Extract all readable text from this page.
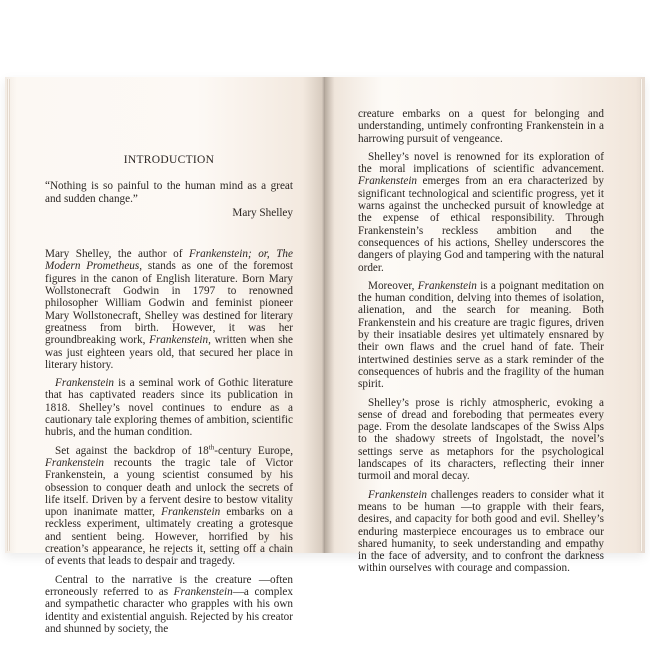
INTRODUCTION
“Nothing is so painful to the human mind as a great and sudden change.”
Mary Shelley

Mary Shelley, the author of Frankenstein; or, The Modern Prometheus, stands as one of the foremost figures in the canon of English literature. Born Mary Wollstonecraft Godwin in 1797 to renowned philosopher William Godwin and feminist pioneer Mary Wollstonecraft, Shelley was destined for literary greatness from birth. However, it was her groundbreaking work, Frankenstein, written when she was just eighteen years old, that secured her place in literary history.

Frankenstein is a seminal work of Gothic literature that has captivated readers since its publication in 1818. Shelley’s novel continues to endure as a cautionary tale exploring themes of ambition, scientific hubris, and the human condition.

Set against the backdrop of 18th-century Europe, Frankenstein recounts the tragic tale of Victor Frankenstein, a young scientist consumed by his obsession to conquer death and unlock the secrets of life itself. Driven by a fervent desire to bestow vitality upon inanimate matter, Frankenstein embarks on a reckless experiment, ultimately creating a grotesque and sentient being. However, horrified by his creation’s appearance, he rejects it, setting off a chain of events that leads to despair and tragedy.

Central to the narrative is the creature —often erroneously referred to as Frankenstein—a complex and sympathetic character who grapples with his own identity and existential anguish. Rejected by his creator and shunned by society, the

creature embarks on a quest for belonging and understanding, untimely confronting Frankenstein in a harrowing pursuit of vengeance.

Shelley’s novel is renowned for its exploration of the moral implications of scientific advancement. Frankenstein emerges from an era characterized by significant technological and scientific progress, yet it warns against the unchecked pursuit of knowledge at the expense of ethical responsibility. Through Frankenstein’s reckless ambition and the consequences of his actions, Shelley underscores the dangers of playing God and tampering with the natural order.

Moreover, Frankenstein is a poignant meditation on the human condition, delving into themes of isolation, alienation, and the search for meaning. Both Frankenstein and his creature are tragic figures, driven by their insatiable desires yet ultimately ensnared by their own flaws and the cruel hand of fate. Their intertwined destinies serve as a stark reminder of the consequences of hubris and the fragility of the human spirit.

Shelley’s prose is richly atmospheric, evoking a sense of dread and foreboding that permeates every page. From the desolate landscapes of the Swiss Alps to the shadowy streets of Ingolstadt, the novel’s settings serve as metaphors for the psychological landscapes of its characters, reflecting their inner turmoil and moral decay.

Frankenstein challenges readers to consider what it means to be human —to grapple with their fears, desires, and capacity for both good and evil. Shelley’s enduring masterpiece encourages us to embrace our shared humanity, to seek understanding and empathy in the face of adversity, and to confront the darkness within ourselves with courage and compassion.
